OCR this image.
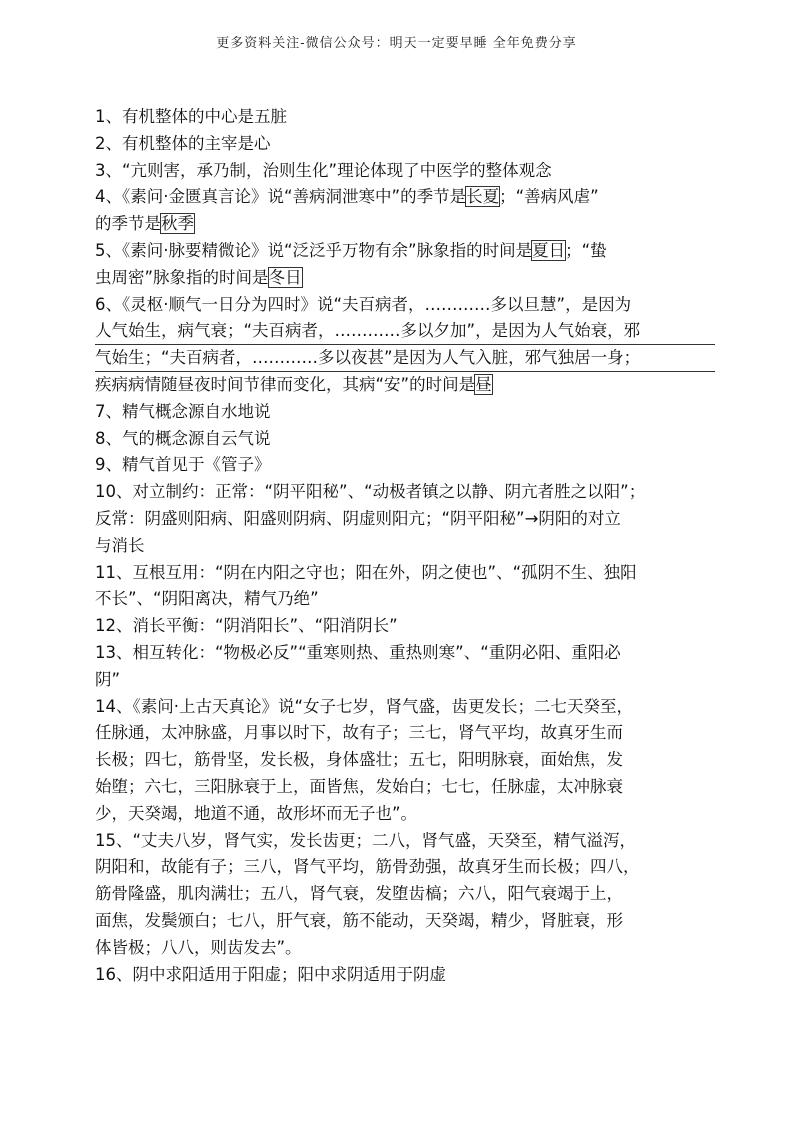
更多资料关注-微信公众号：明天一定要早睡 全年免费分享
1、有机整体的中心是五脏
2、有机整体的主宰是心
3、“亢则害，承乃制，治则生化”理论体现了中医学的整体观念
4、《素问·金匮真言论》说“善病洞泄寒中”的季节是长夏；“善病风虐”
的季节是秋季
5、《素问·脉要精微论》说“泛泛乎万物有余”脉象指的时间是夏日；“蛰
虫周密”脉象指的时间是冬日
6、《灵枢·顺气一日分为四时》说“夫百病者，…………多以旦慧”，是因为
人气始生，病气衰；“夫百病者，…………多以夕加”，是因为人气始衰，邪
气始生；“夫百病者，…………多以夜甚”是因为人气入脏，邪气独居一身；
疾病病情随昼夜时间节律而变化，其病“安”的时间是昼
7、精气概念源自水地说
8、气的概念源自云气说
9、精气首见于《管子》
10、对立制约：正常：“阴平阳秘”、“动极者镇之以静、阴亢者胜之以阳”；
反常：阴盛则阳病、阳盛则阴病、阴虚则阳亢；“阴平阳秘”→阴阳的对立
与消长
11、互根互用：“阴在内阳之守也；阳在外，阴之使也”、“孤阴不生、独阳
不长”、“阴阳离决，精气乃绝”
12、消长平衡：“阴消阳长”、“阳消阴长”
13、相互转化：“物极必反”“重寒则热、重热则寒”、“重阴必阳、重阳必
阴”
14、《素问·上古天真论》说“女子七岁，肾气盛，齿更发长；二七天癸至，
任脉通，太冲脉盛，月事以时下，故有子；三七，肾气平均，故真牙生而
长极；四七，筋骨坚，发长极，身体盛壮；五七，阳明脉衰，面始焦，发
始堕；六七，三阳脉衰于上，面皆焦，发始白；七七，任脉虚，太冲脉衰
少，天癸竭，地道不通，故形坏而无子也”。
15、“丈夫八岁，肾气实，发长齿更；二八，肾气盛，天癸至，精气溢泻，
阴阳和，故能有子；三八，肾气平均，筋骨劲强，故真牙生而长极；四八，
筋骨隆盛，肌肉满壮；五八，肾气衰，发堕齿槁；六八，阳气衰竭于上，
面焦，发鬓颁白；七八，肝气衰，筋不能动，天癸竭，精少，肾脏衰，形
体皆极；八八，则齿发去”。
16、阴中求阳适用于阳虚；阳中求阴适用于阴虚
